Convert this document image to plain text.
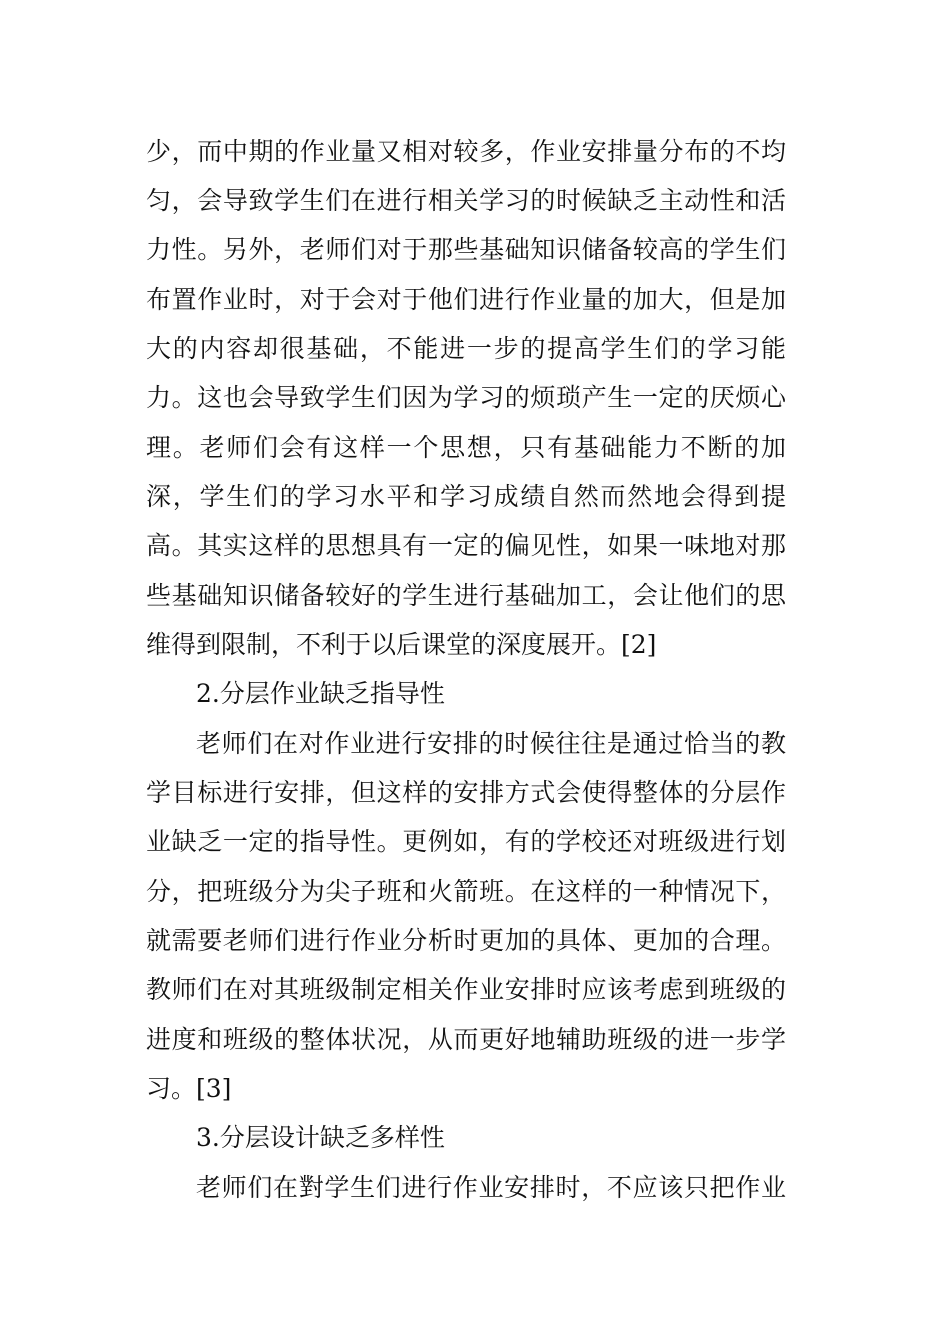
少，而中期的作业量又相对较多，作业安排量分布的不均
匀，会导致学生们在进行相关学习的时候缺乏主动性和活
力性。另外，老师们对于那些基础知识储备较高的学生们
布置作业时，对于会对于他们进行作业量的加大，但是加
大的内容却很基础，不能进一步的提高学生们的学习能
力。这也会导致学生们因为学习的烦琐产生一定的厌烦心
理。老师们会有这样一个思想，只有基础能力不断的加
深，学生们的学习水平和学习成绩自然而然地会得到提
高。其实这样的思想具有一定的偏见性，如果一味地对那
些基础知识储备较好的学生进行基础加工，会让他们的思
维得到限制，不利于以后课堂的深度展开。[2]
2.分层作业缺乏指导性
老师们在对作业进行安排的时候往往是通过恰当的教
学目标进行安排，但这样的安排方式会使得整体的分层作
业缺乏一定的指导性。更例如，有的学校还对班级进行划
分，把班级分为尖子班和火箭班。在这样的一种情况下，
就需要老师们进行作业分析时更加的具体、更加的合理。
教师们在对其班级制定相关作业安排时应该考虑到班级的
进度和班级的整体状况，从而更好地辅助班级的进一步学
习。[3]
3.分层设计缺乏多样性
老师们在對学生们进行作业安排时，不应该只把作业
